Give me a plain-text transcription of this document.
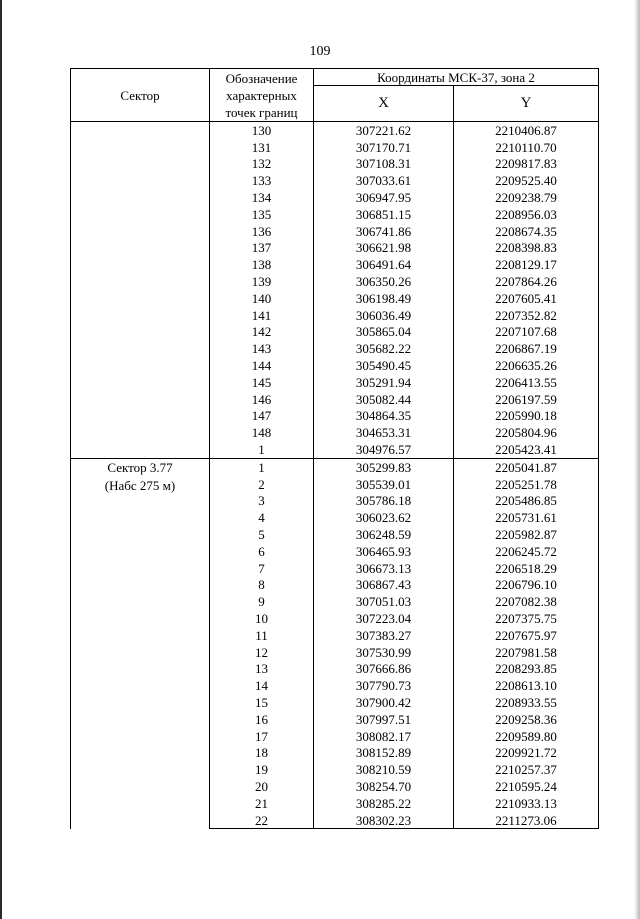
109
Сектор	Обозначение характерных точек границ	Координаты МСК-37, зона 2	
		X	Y

	130	307221.62	2210406.87
	131	307170.71	2210110.70
	132	307108.31	2209817.83
	133	307033.61	2209525.40
	134	306947.95	2209238.79
	135	306851.15	2208956.03
	136	306741.86	2208674.35
	137	306621.98	2208398.83
	138	306491.64	2208129.17
	139	306350.26	2207864.26
	140	306198.49	2207605.41
	141	306036.49	2207352.82
	142	305865.04	2207107.68
	143	305682.22	2206867.19
	144	305490.45	2206635.26
	145	305291.94	2206413.55
	146	305082.44	2206197.59
	147	304864.35	2205990.18
	148	304653.31	2205804.96
	1	304976.57	2205423.41

Сектор 3.77
(Набс 275 м)	1	305299.83	2205041.87
	2	305539.01	2205251.78
	3	305786.18	2205486.85
	4	306023.62	2205731.61
	5	306248.59	2205982.87
	6	306465.93	2206245.72
	7	306673.13	2206518.29
	8	306867.43	2206796.10
	9	307051.03	2207082.38
	10	307223.04	2207375.75
	11	307383.27	2207675.97
	12	307530.99	2207981.58
	13	307666.86	2208293.85
	14	307790.73	2208613.10
	15	307900.42	2208933.55
	16	307997.51	2209258.36
	17	308082.17	2209589.80
	18	308152.89	2209921.72
	19	308210.59	2210257.37
	20	308254.70	2210595.24
	21	308285.22	2210933.13
	22	308302.23	2211273.06
